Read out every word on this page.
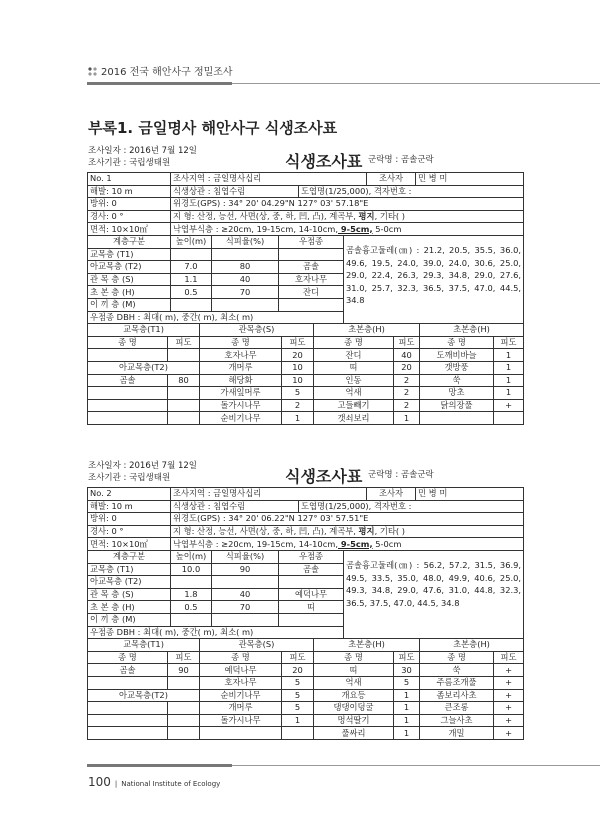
2016 전국 해안사구 정밀조사
부록1. 금일명사 해안사구 식생조사표
조사일자 : 2016년 7월 12일
조사기관 : 국립생태원	식생조사표 군락명 : 곰솔군락
No. 1	조사지역 : 금일명사십리					조사자	민 병 미
해발: 10 m	식생상관 : 침엽수림			도엽명(1/25,000), 격자번호 :			
방위: 0	위경도(GPS) : 34° 20' 04.29"N 127° 03' 57.18"E						
경사: 0 °	지 형: 산정, 능선, 사면(상, 중, 하, 凹, 凸), 계곡부, 평지, 기타( )						
면적: 10×10㎡	낙엽부식층 : ≥20cm, 19-15cm, 14-10cm, 9-5cm, 5-0cm						
계층구분	높이(m)	식피율(%)	우점종		곰솔흉고둘레(㎝) : 21.2, 20.5, 35.5, 36.0, 49.6, 19.5, 24.0, 39.0, 24.0, 30.6, 25.0, 29.0, 22.4, 26.3, 29.3, 34.8, 29.0, 27.6, 31.0, 25.7, 32.3, 36.5, 37.5, 47.0, 44.5, 34.8		
교목층 (T1)							
아교목층 (T2)	7.0	80	곰솔				
관 목 층 (S)	1.1	40	호자나무				
초 본 층 (H)	0.5	70	잔디				
이 끼 층 (M)							
우점종 DBH : 최대( m), 중간( m), 최소( m)							
교목층(T1)		관목층(S)		초본층(H)		초본층(H)	
종 명	피도	종 명	피도	종 명	피도	종 명	피도
		호자나무	20	잔디	40	도깨비바늘	1
아교목층(T2)		개머루	10	띠	20	갯방풍	1
곰솔	80	해당화	10	인동	2	쑥	1
		가새잎머루	5	억새	2	망초	1
		돌가시나무	2	고들빼기	2	닭의장풀	+
		순비기나무	1	갯쇠보리	1		
조사일자 : 2016년 7월 12일
조사기관 : 국립생태원	식생조사표 군락명 : 곰솔군락
No. 2	조사지역 : 금일명사십리					조사자	민 병 미
해발: 10 m	식생상관 : 침엽수림			도엽명(1/25,000), 격자번호 :			
방위: 0	위경도(GPS) : 34° 20' 06.22"N 127° 03' 57.51"E						
경사: 0 °	지 형: 산정, 능선, 사면(상, 중, 하, 凹, 凸), 계곡부, 평지, 기타( )						
면적: 10×10㎡	낙엽부식층 : ≥20cm, 19-15cm, 14-10cm, 9-5cm, 5-0cm						
계층구분	높이(m)	식피율(%)	우점종		곰솔흉고둘레(㎝) : 56.2, 57.2, 31.5, 36.9, 49.5, 33.5, 35.0, 48.0, 49.9, 40.6, 25.0, 49.3, 34.8, 29.0, 47.6, 31.0, 44.8, 32.3, 36.5, 37.5, 47.0, 44.5, 34.8		
교목층 (T1)	10.0	90	곰솔				
아교목층 (T2)							
관 목 층 (S)	1.8	40	예덕나무				
초 본 층 (H)	0.5	70	띠				
이 끼 층 (M)							
우점종 DBH : 최대( m), 중간( m), 최소( m)							
교목층(T1)		관목층(S)		초본층(H)		초본층(H)	
종 명	피도	종 명	피도	종 명	피도	종 명	피도
곰솔	90	예덕나무	20	띠	30	쑥	+
		호자나무	5	억새	5	주름조개풀	+
아교목층(T2)		순비기나무	5	개요등	1	좀보리사초	+
		개머루	5	댕댕이덩굴	1	큰조롱	+
		돌가시나무	1	멍석딸기	1	그늘사초	+
				풀싸리	1	개밀	+
100 | National Institute of Ecology
